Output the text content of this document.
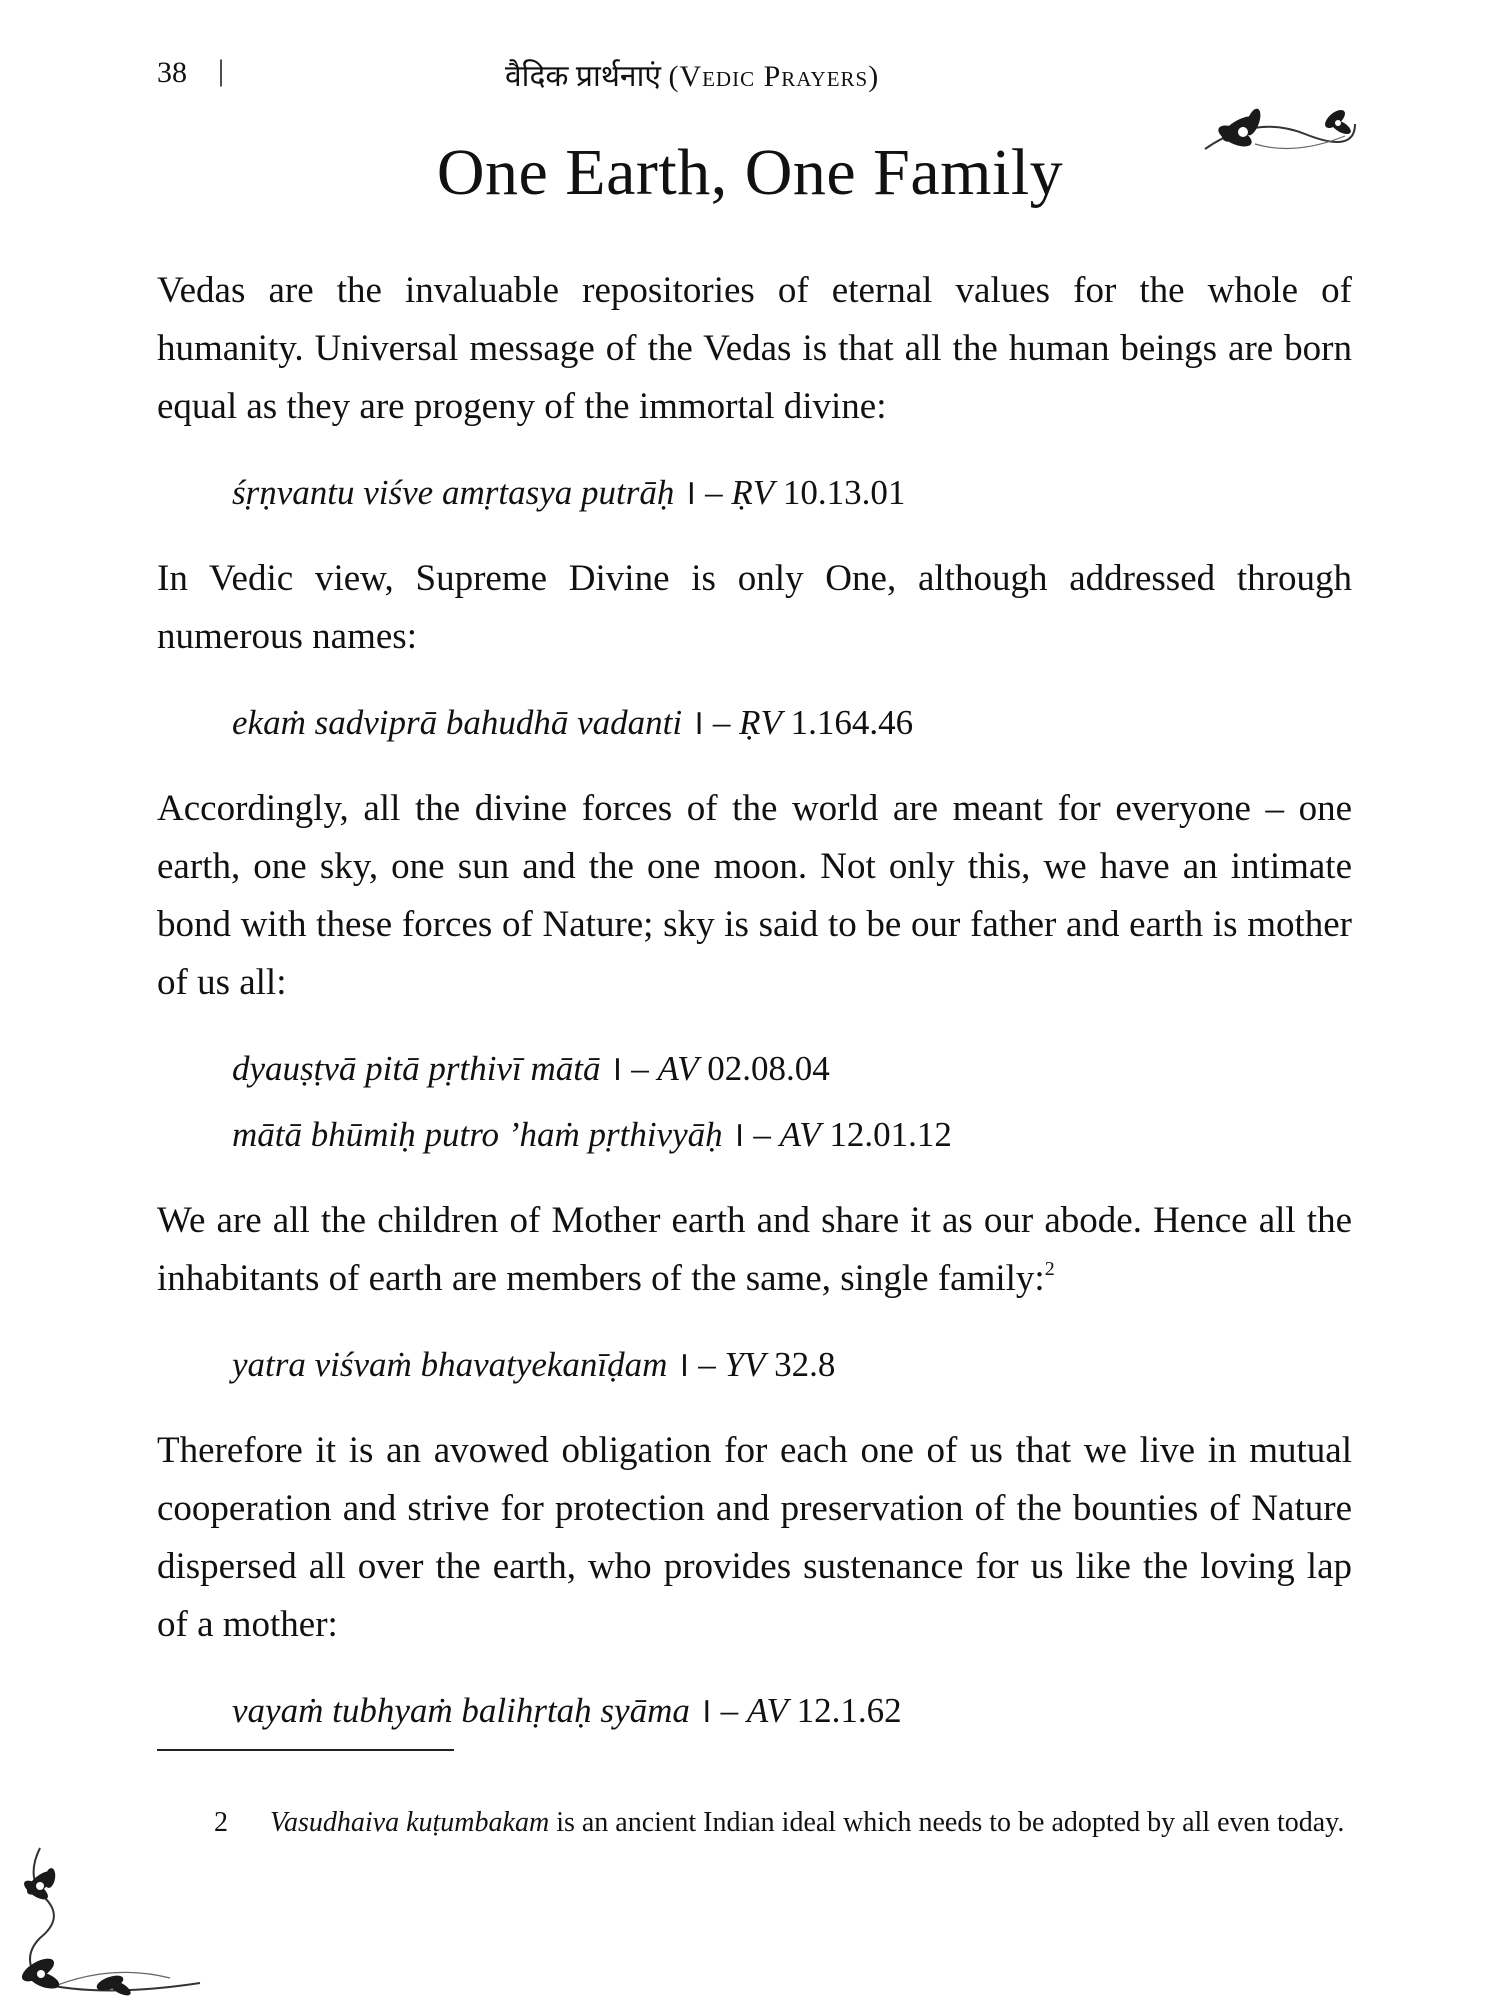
38 |	वैदिक प्रार्थनाएं (Vedic Prayers)
One Earth, One Family

Vedas are the invaluable repositories of eternal values for the whole of humanity. Universal message of the Vedas is that all the human beings are born equal as they are progeny of the immortal divine:

śṛṇvantu viśve amṛtasya putrāḥ । – ṚV 10.13.01

In Vedic view, Supreme Divine is only One, although addressed through numerous names:

ekaṁ sadviprā bahudhā vadanti । – ṚV 1.164.46

Accordingly, all the divine forces of the world are meant for everyone – one earth, one sky, one sun and the one moon. Not only this, we have an intimate bond with these forces of Nature; sky is said to be our father and earth is mother of us all:

dyauṣṭvā pitā pṛthivī mātā । – AV 02.08.04

mātā bhūmiḥ putro ’haṁ pṛthivyāḥ । – AV 12.01.12

We are all the children of Mother earth and share it as our abode. Hence all the inhabitants of earth are members of the same, single family:$^2$

yatra viśvaṁ bhavatyekanīḍam । – YV 32.8

Therefore it is an avowed obligation for each one of us that we live in mutual cooperation and strive for protection and preservation of the bounties of Nature dispersed all over the earth, who provides sustenance for us like the loving lap of a mother:

vayaṁ tubhyaṁ balihṛtaḥ syāma । – AV 12.1.62

2 Vasudhaiva kuṭumbakam is an ancient Indian ideal which needs to be adopted by all even today.
